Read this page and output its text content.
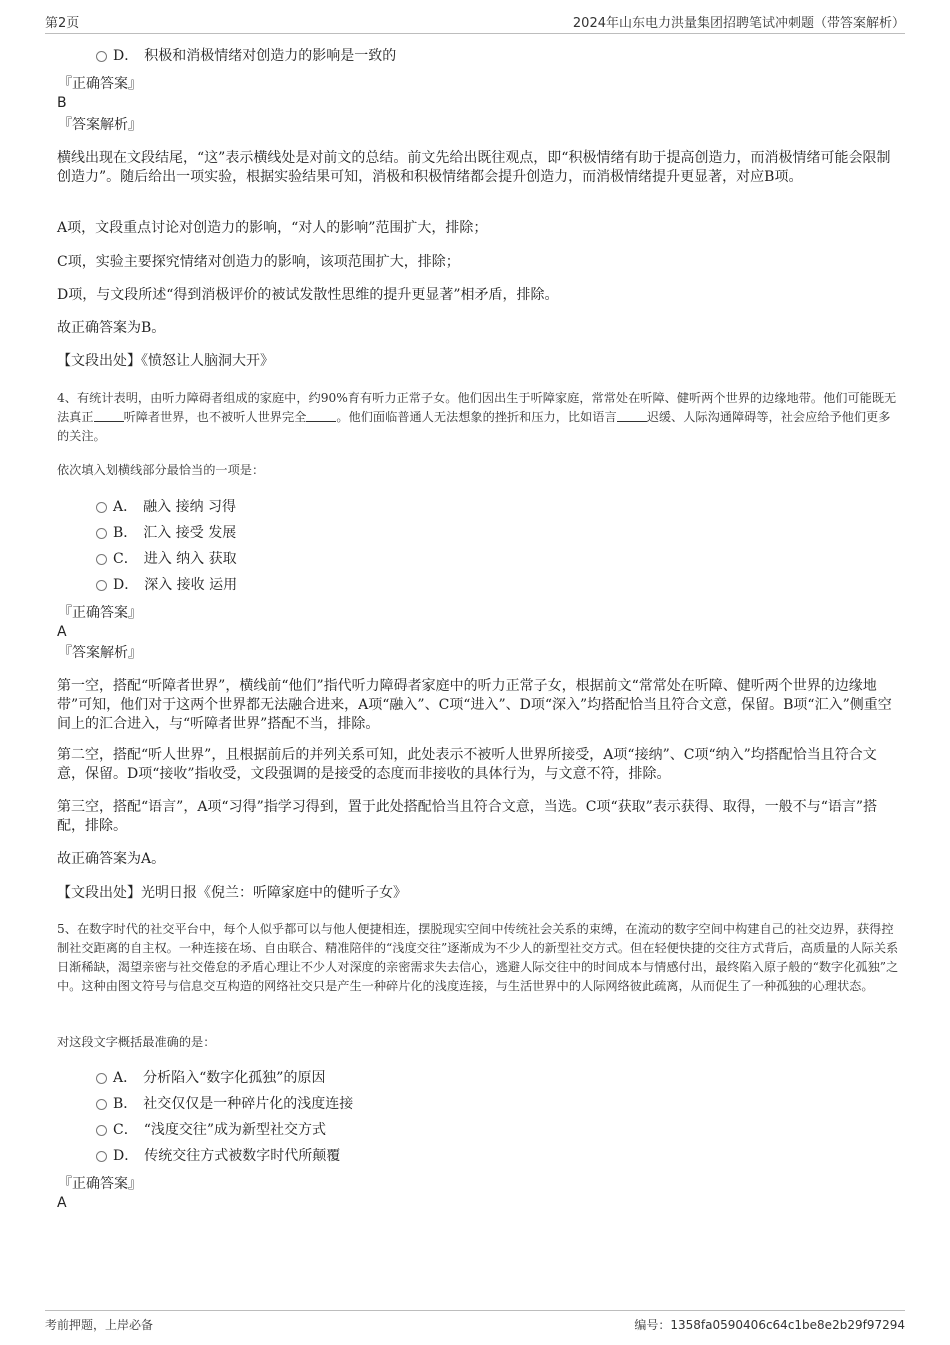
第2页	2024年山东电力洪量集团招聘笔试冲刺题（带答案解析）
D． 积极和消极情绪对创造力的影响是一致的
『正确答案』
B
『答案解析』
横线出现在文段结尾，“这”表示横线处是对前文的总结。前文先给出既往观点，即“积极情绪有助于提高创造力，而消极情绪可能会限制创造力”。随后给出一项实验，根据实验结果可知，消极和积极情绪都会提升创造力，而消极情绪提升更显著，对应B项。
A项，文段重点讨论对创造力的影响，“对人的影响”范围扩大，排除；
C项，实验主要探究情绪对创造力的影响，该项范围扩大，排除；
D项，与文段所述“得到消极评价的被试发散性思维的提升更显著”相矛盾，排除。
故正确答案为B。
【文段出处】《愤怒让人脑洞大开》
4、有统计表明，由听力障碍者组成的家庭中，约90%育有听力正常子女。他们因出生于听障家庭，常常处在听障、健听两个世界的边缘地带。他们可能既无法真正 听障者世界，也不被听人世界完全 。他们面临普通人无法想象的挫折和压力，比如语言 迟缓、人际沟通障碍等，社会应给予他们更多的关注。
依次填入划横线部分最恰当的一项是：
A． 融入 接纳 习得
B． 汇入 接受 发展
C． 进入 纳入 获取
D． 深入 接收 运用
『正确答案』
A
『答案解析』
第一空，搭配“听障者世界”，横线前“他们”指代听力障碍者家庭中的听力正常子女，根据前文“常常处在听障、健听两个世界的边缘地带”可知，他们对于这两个世界都无法融合进来，A项“融入”、C项“进入”、D项“深入”均搭配恰当且符合文意，保留。B项“汇入”侧重空间上的汇合进入，与“听障者世界”搭配不当，排除。
第二空，搭配“听人世界”，且根据前后的并列关系可知，此处表示不被听人世界所接受，A项“接纳”、C项“纳入”均搭配恰当且符合文意，保留。D项“接收”指收受，文段强调的是接受的态度而非接收的具体行为，与文意不符，排除。
第三空，搭配“语言”，A项“习得”指学习得到，置于此处搭配恰当且符合文意，当选。C项“获取”表示获得、取得，一般不与“语言”搭配，排除。
故正确答案为A。
【文段出处】光明日报《倪兰：听障家庭中的健听子女》
5、在数字时代的社交平台中，每个人似乎都可以与他人便捷相连，摆脱现实空间中传统社会关系的束缚，在流动的数字空间中构建自己的社交边界，获得控制社交距离的自主权。一种连接在场、自由联合、精准陪伴的“浅度交往”逐渐成为不少人的新型社交方式。但在轻便快捷的交往方式背后，高质量的人际关系日渐稀缺，渴望亲密与社交倦怠的矛盾心理让不少人对深度的亲密需求失去信心，逃避人际交往中的时间成本与情感付出，最终陷入原子般的“数字化孤独”之中。这种由图文符号与信息交互构造的网络社交只是产生一种碎片化的浅度连接，与生活世界中的人际网络彼此疏离，从而促生了一种孤独的心理状态。
对这段文字概括最准确的是：
A． 分析陷入“数字化孤独”的原因
B． 社交仅仅是一种碎片化的浅度连接
C． “浅度交往”成为新型社交方式
D． 传统交往方式被数字时代所颠覆
『正确答案』
A
考前押题，上岸必备	编号：1358fa0590406c64c1be8e2b29f97294
